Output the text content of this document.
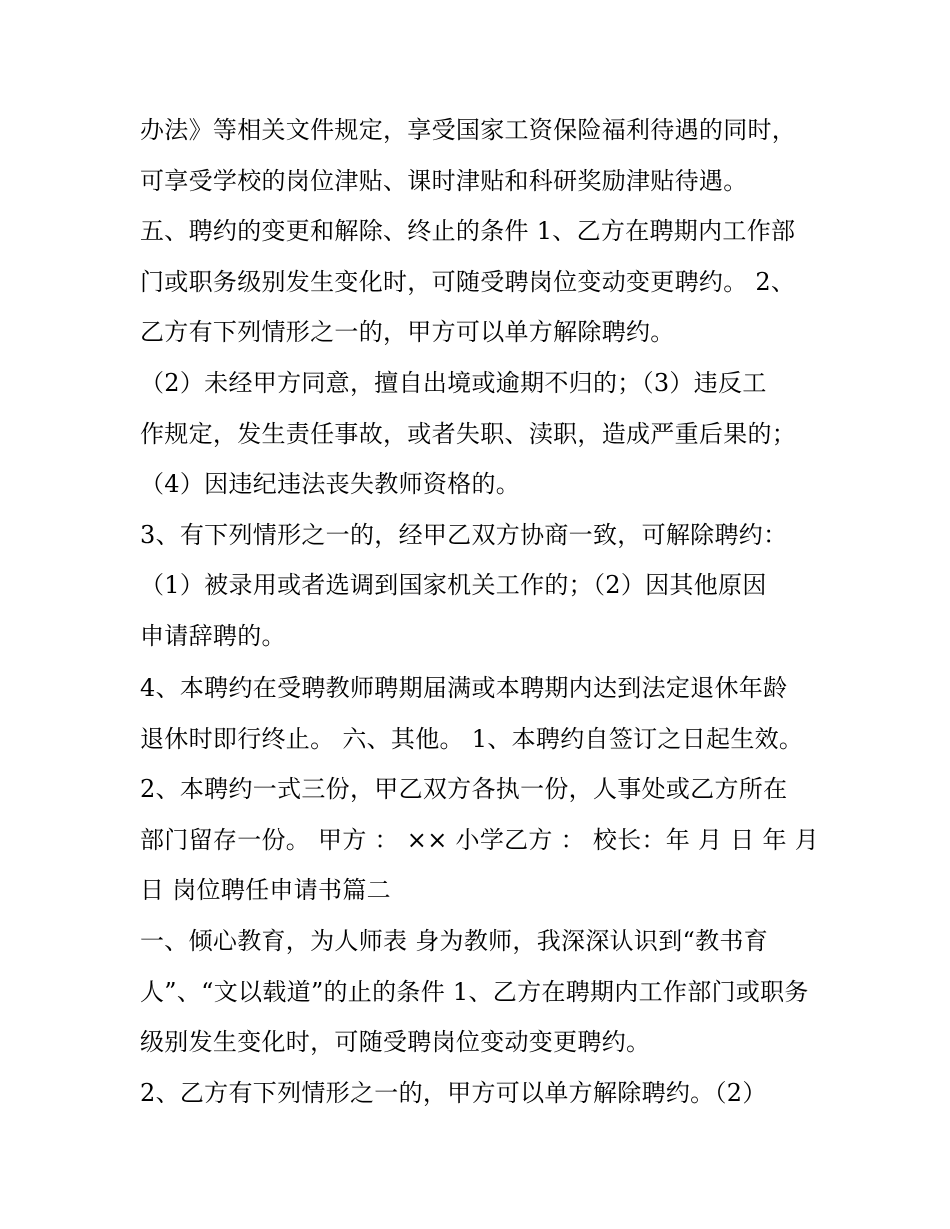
办法》等相关文件规定，享受国家工资保险福利待遇的同时，
可享受学校的岗位津贴、课时津贴和科研奖励津贴待遇。
五、聘约的变更和解除、终止的条件 1、乙方在聘期内工作部
门或职务级别发生变化时，可随受聘岗位变动变更聘约。 2、
乙方有下列情形之一的，甲方可以单方解除聘约。
（2）未经甲方同意，擅自出境或逾期不归的；（3）违反工
作规定，发生责任事故，或者失职、渎职，造成严重后果的；
（4）因违纪违法丧失教师资格的。
3、有下列情形之一的，经甲乙双方协商一致，可解除聘约：
（1）被录用或者选调到国家机关工作的；（2）因其他原因
申请辞聘的。
4、本聘约在受聘教师聘期届满或本聘期内达到法定退休年龄
退休时即行终止。 六、其他。 1、本聘约自签订之日起生效。
2、本聘约一式三份，甲乙双方各执一份，人事处或乙方所在
部门留存一份。 甲方 ： ×× 小学乙方 ： 校长：年 月 日 年 月
日 岗位聘任申请书篇二
一、倾心教育，为人师表 身为教师，我深深认识到“教书育
人”、“文以载道”的止的条件 1、乙方在聘期内工作部门或职务
级别发生变化时，可随受聘岗位变动变更聘约。
2、乙方有下列情形之一的，甲方可以单方解除聘约。（2）
